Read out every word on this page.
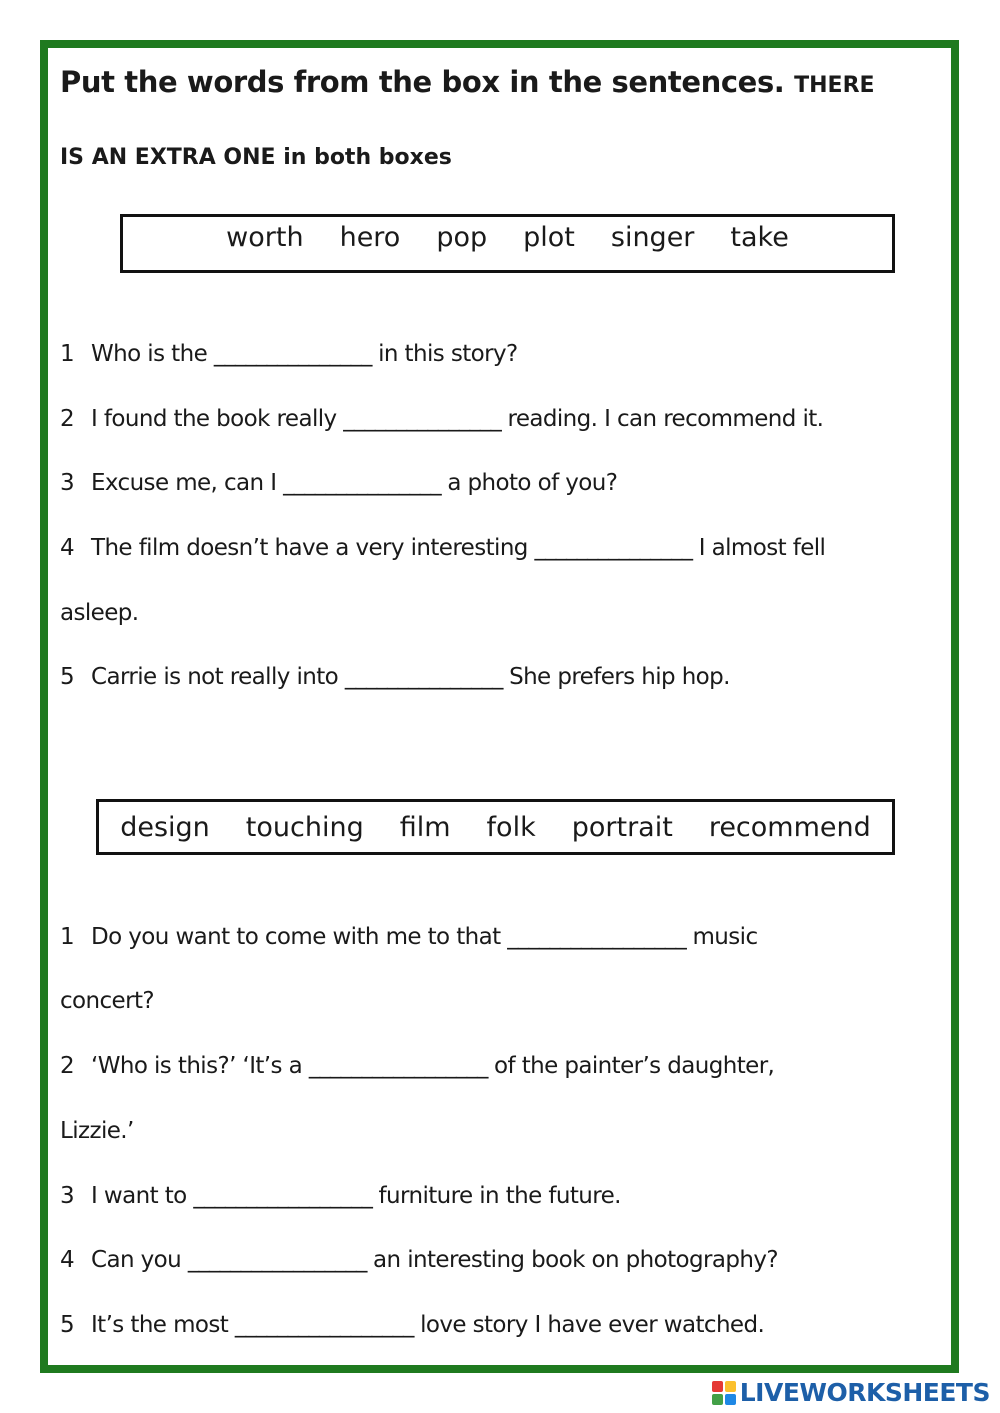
Put the words from the box in the sentences. THERE

IS AN EXTRA ONE in both boxes

worth hero pop plot singer take

1 Who is the _______________ in this story?

2 I found the book really _______________ reading. I can recommend it.

3 Excuse me, can I _______________ a photo of you?

4 The film doesn’t have a very interesting _______________ I almost fell

asleep.

5 Carrie is not really into _______________ She prefers hip hop.

design touching film folk portrait recommend

1 Do you want to come with me to that _________________ music

concert?

2 ‘Who is this?’ ‘It’s a _________________ of the painter’s daughter,

Lizzie.’

3 I want to _________________ furniture in the future.

4 Can you _________________ an interesting book on photography?

5 It’s the most _________________ love story I have ever watched.

LIVEWORKSHEETS
